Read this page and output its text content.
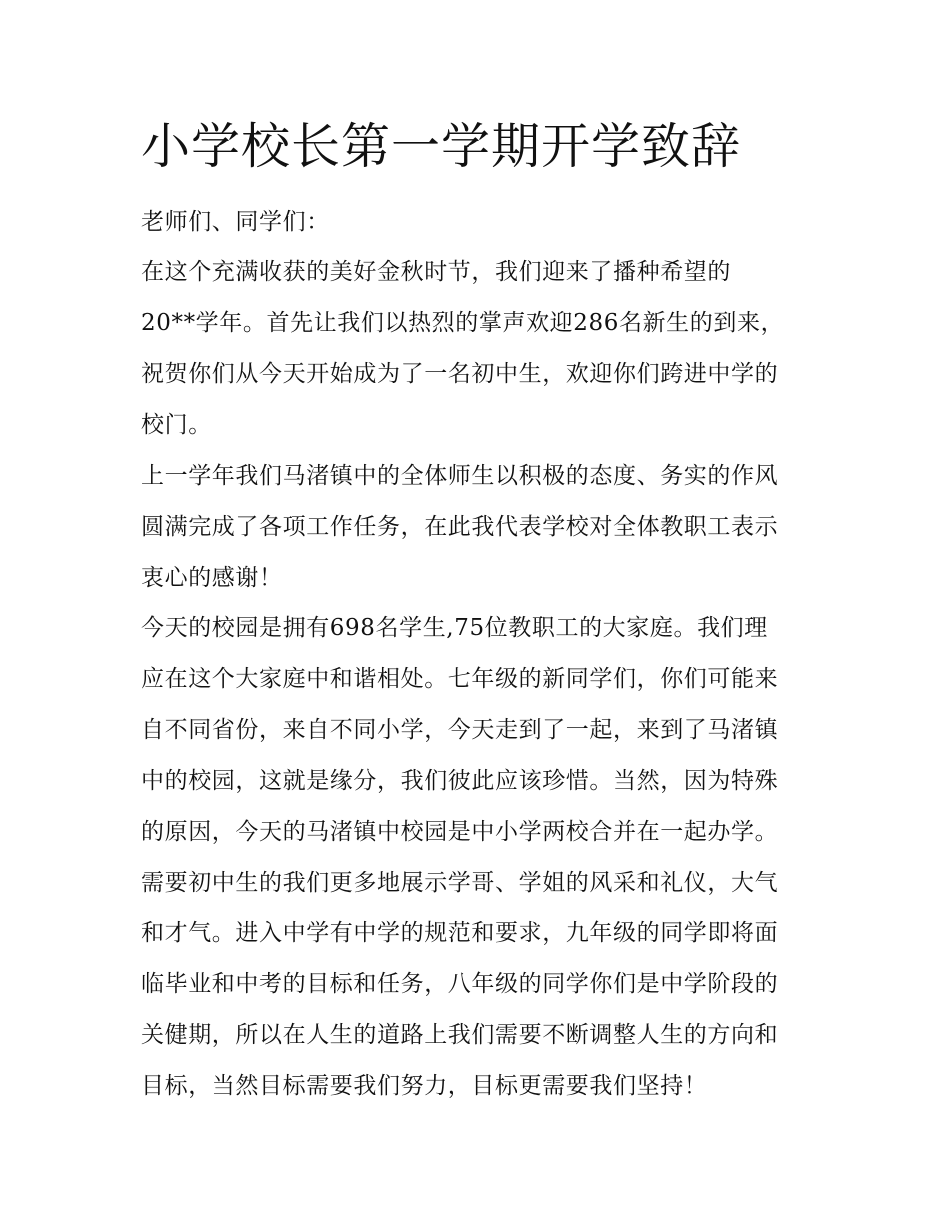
小学校长第一学期开学致辞

老师们、同学们：

在这个充满收获的美好金秋时节，我们迎来了播种希望的

20**学年。首先让我们以热烈的掌声欢迎286名新生的到来，

祝贺你们从今天开始成为了一名初中生，欢迎你们跨进中学的

校门。

上一学年我们马渚镇中的全体师生以积极的态度、务实的作风

圆满完成了各项工作任务，在此我代表学校对全体教职工表示

衷心的感谢！

今天的校园是拥有698名学生,75位教职工的大家庭。我们理

应在这个大家庭中和谐相处。七年级的新同学们，你们可能来

自不同省份，来自不同小学，今天走到了一起，来到了马渚镇

中的校园，这就是缘分，我们彼此应该珍惜。当然，因为特殊

的原因，今天的马渚镇中校园是中小学两校合并在一起办学。

需要初中生的我们更多地展示学哥、学姐的风采和礼仪，大气

和才气。进入中学有中学的规范和要求，九年级的同学即将面

临毕业和中考的目标和任务，八年级的同学你们是中学阶段的

关健期，所以在人生的道路上我们需要不断调整人生的方向和

目标，当然目标需要我们努力，目标更需要我们坚持！
